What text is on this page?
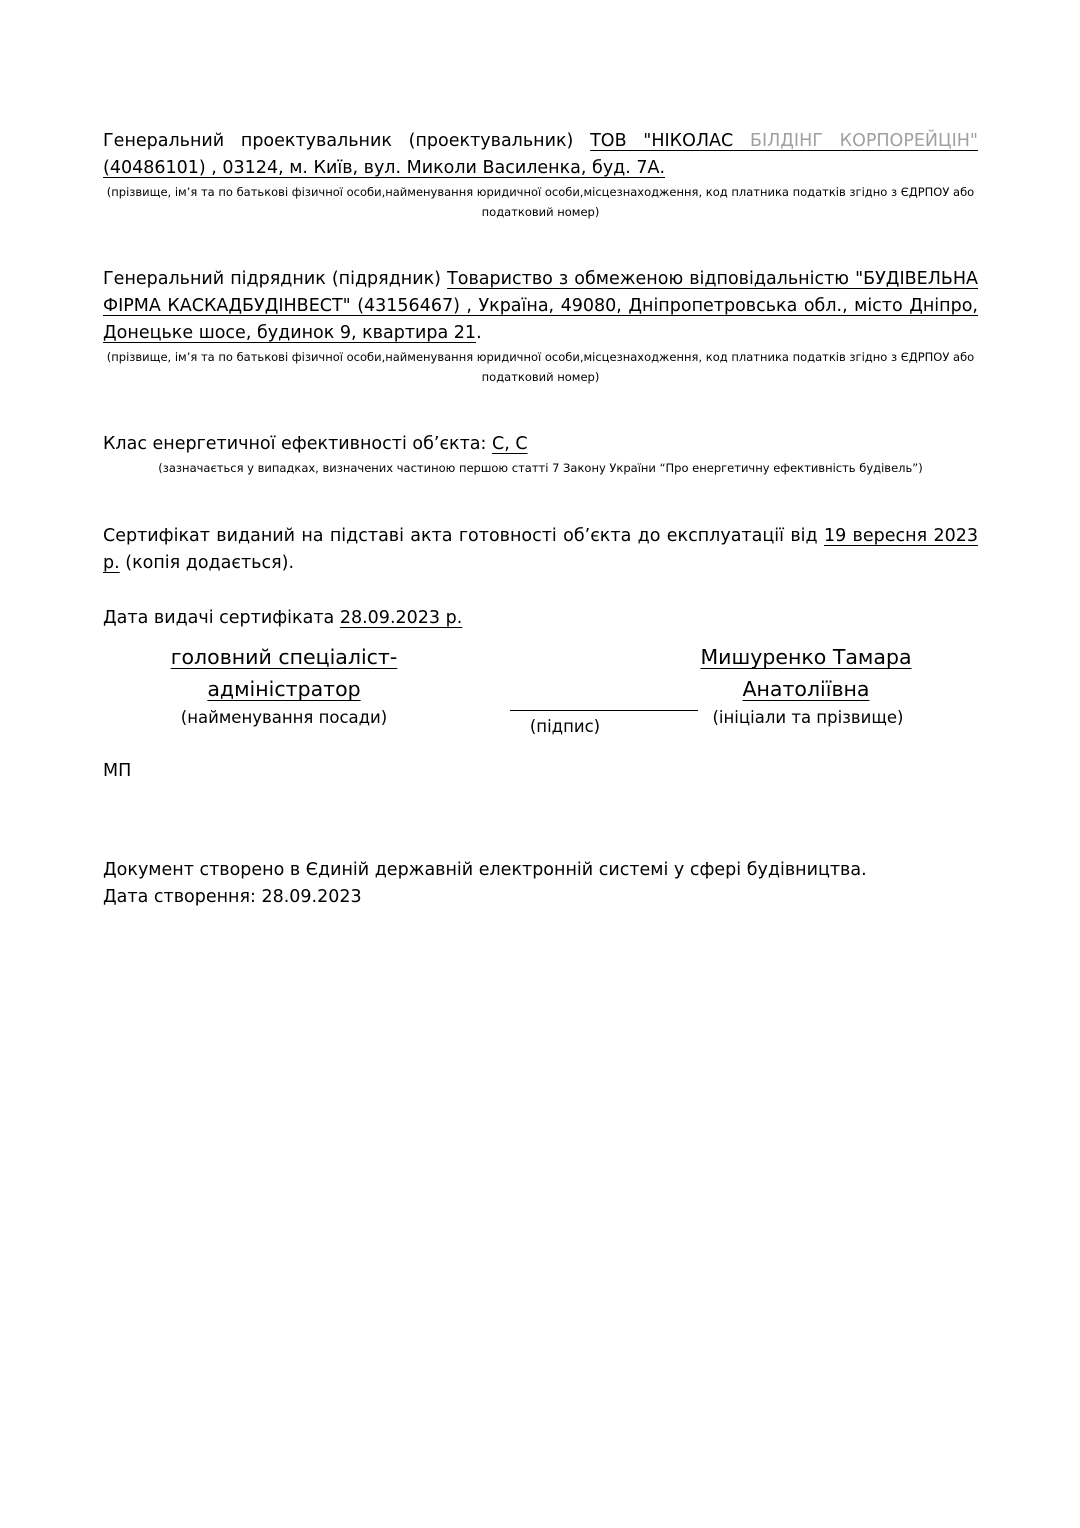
Генеральний проектувальник (проектувальник) ТОВ "НІКОЛАС БІЛДІНГ КОРПОРЕЙЦІН" (40486101) , 03124, м. Київ, вул. Миколи Василенка, буд. 7А.
(прізвище, ім’я та по батькові фізичної особи,найменування юридичної особи,місцезнаходження, код платника податків згідно з ЄДРПОУ або податковий номер)
Генеральний підрядник (підрядник) Товариство з обмеженою відповідальністю "БУДІВЕЛЬНА ФІРМА КАСКАДБУДІНВЕСТ" (43156467) , Україна, 49080, Дніпропетровська обл., місто Дніпро, Донецьке шосе, будинок 9, квартира 21.
(прізвище, ім’я та по батькові фізичної особи,найменування юридичної особи,місцезнаходження, код платника податків згідно з ЄДРПОУ або податковий номер)
Клас енергетичної ефективності об’єкта: С, С
(зазначається у випадках, визначених частиною першою статті 7 Закону України “Про енергетичну ефективність будівель”)
Сертифікат виданий на підставі акта готовності об’єкта до експлуатації від 19 вересня 2023 р. (копія додається).
Дата видачі сертифіката 28.09.2023 р.
головний спеціаліст-
адміністратор
(найменування посади)	(підпис)
Мишуренко Тамара
Анатоліївна
(ініціали та прізвище)
МП
Документ створено в Єдиній державній електронній системі у сфері будівництва.
Дата створення: 28.09.2023
